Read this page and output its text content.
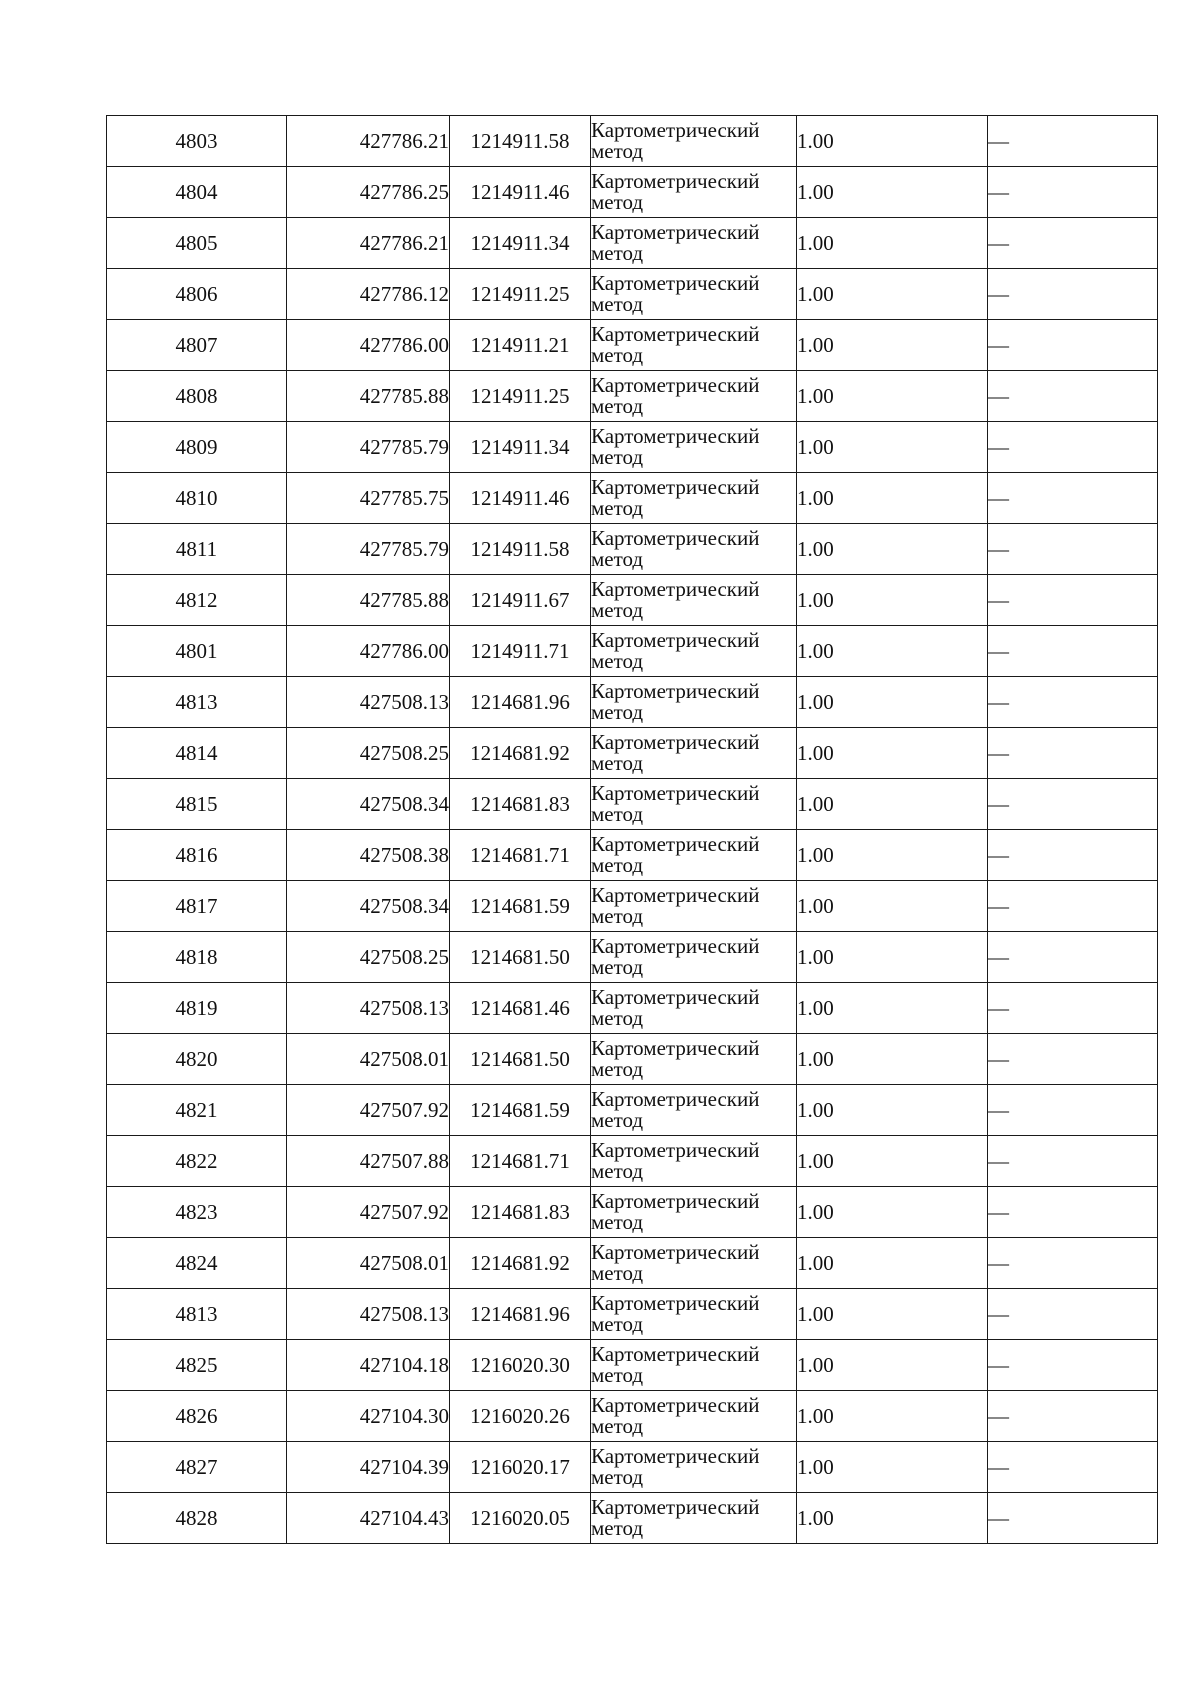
4803	427786.21	1214911.58	Картометрический
метод	1.00	—
4804	427786.25	1214911.46	Картометрический
метод	1.00	—
4805	427786.21	1214911.34	Картометрический
метод	1.00	—
4806	427786.12	1214911.25	Картометрический
метод	1.00	—
4807	427786.00	1214911.21	Картометрический
метод	1.00	—
4808	427785.88	1214911.25	Картометрический
метод	1.00	—
4809	427785.79	1214911.34	Картометрический
метод	1.00	—
4810	427785.75	1214911.46	Картометрический
метод	1.00	—
4811	427785.79	1214911.58	Картометрический
метод	1.00	—
4812	427785.88	1214911.67	Картометрический
метод	1.00	—
4801	427786.00	1214911.71	Картометрический
метод	1.00	—
4813	427508.13	1214681.96	Картометрический
метод	1.00	—
4814	427508.25	1214681.92	Картометрический
метод	1.00	—
4815	427508.34	1214681.83	Картометрический
метод	1.00	—
4816	427508.38	1214681.71	Картометрический
метод	1.00	—
4817	427508.34	1214681.59	Картометрический
метод	1.00	—
4818	427508.25	1214681.50	Картометрический
метод	1.00	—
4819	427508.13	1214681.46	Картометрический
метод	1.00	—
4820	427508.01	1214681.50	Картометрический
метод	1.00	—
4821	427507.92	1214681.59	Картометрический
метод	1.00	—
4822	427507.88	1214681.71	Картометрический
метод	1.00	—
4823	427507.92	1214681.83	Картометрический
метод	1.00	—
4824	427508.01	1214681.92	Картометрический
метод	1.00	—
4813	427508.13	1214681.96	Картометрический
метод	1.00	—
4825	427104.18	1216020.30	Картометрический
метод	1.00	—
4826	427104.30	1216020.26	Картометрический
метод	1.00	—
4827	427104.39	1216020.17	Картометрический
метод	1.00	—
4828	427104.43	1216020.05	Картометрический
метод	1.00	—
